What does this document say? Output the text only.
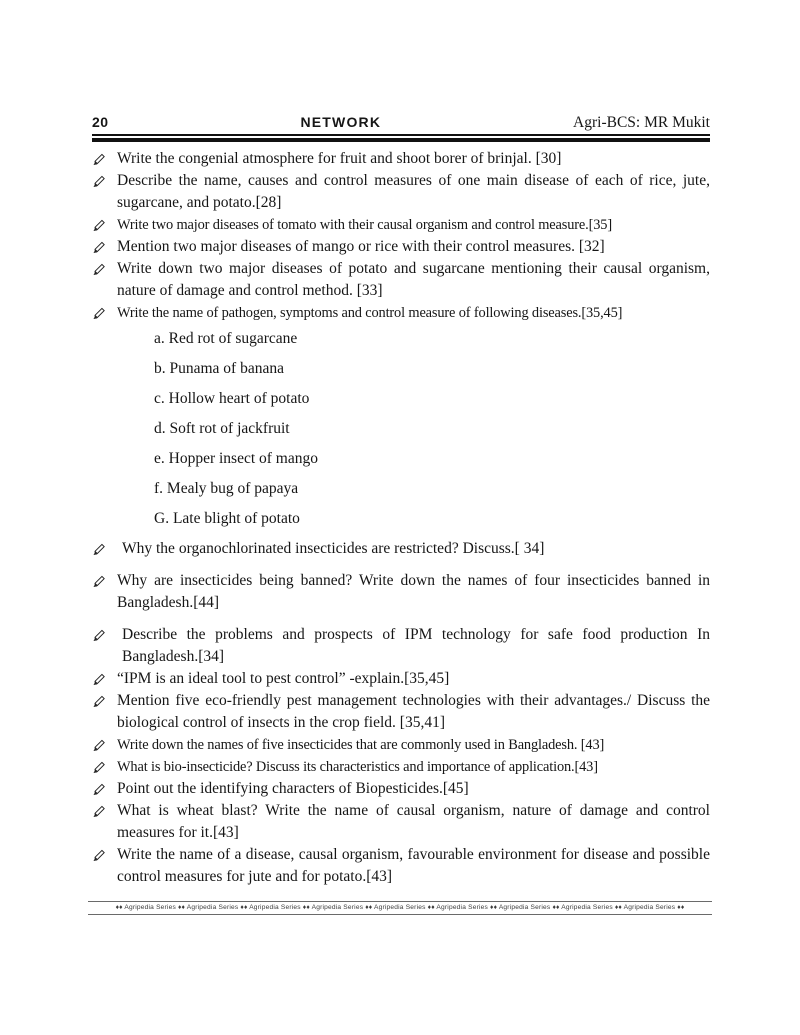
20	NETWORK	Agri-BCS: MR Mukit
Write the congenial atmosphere for fruit and shoot borer of brinjal. [30]
Describe the name, causes and control measures of one main disease of each of rice, jute, sugarcane, and potato.[28]
Write two major diseases of tomato with their causal organism and control measure.[35]
Mention two major diseases of mango or rice with their control measures. [32]
Write down two major diseases of potato and sugarcane mentioning their causal organism, nature of damage and control method. [33]
Write the name of pathogen, symptoms and control measure of following diseases.[35,45]
a. Red rot of sugarcane
b. Punama of banana
c. Hollow heart of potato
d. Soft rot of jackfruit
e. Hopper insect of mango
f. Mealy bug of papaya
G. Late blight of potato
Why the organochlorinated insecticides are restricted? Discuss.[ 34]
Why are insecticides being banned? Write down the names of four insecticides banned in Bangladesh.[44]
Describe the problems and prospects of IPM technology for safe food production In Bangladesh.[34]
“IPM is an ideal tool to pest control” -explain.[35,45]
Mention five eco-friendly pest management technologies with their advantages./ Discuss the biological control of insects in the crop field. [35,41]
Write down the names of five insecticides that are commonly used in Bangladesh. [43]
What is bio-insecticide? Discuss its characteristics and importance of application.[43]
Point out the identifying characters of Biopesticides.[45]
What is wheat blast? Write the name of causal organism, nature of damage and control measures for it.[43]
Write the name of a disease, causal organism, favourable environment for disease and possible control measures for jute and for potato.[43]
♦♦ Agripedia Series ♦♦ Agripedia Series ♦♦ Agripedia Series ♦♦ Agripedia Series ♦♦ Agripedia Series ♦♦ Agripedia Series ♦♦ Agripedia Series ♦♦ Agripedia Series ♦♦ Agripedia Series ♦♦
